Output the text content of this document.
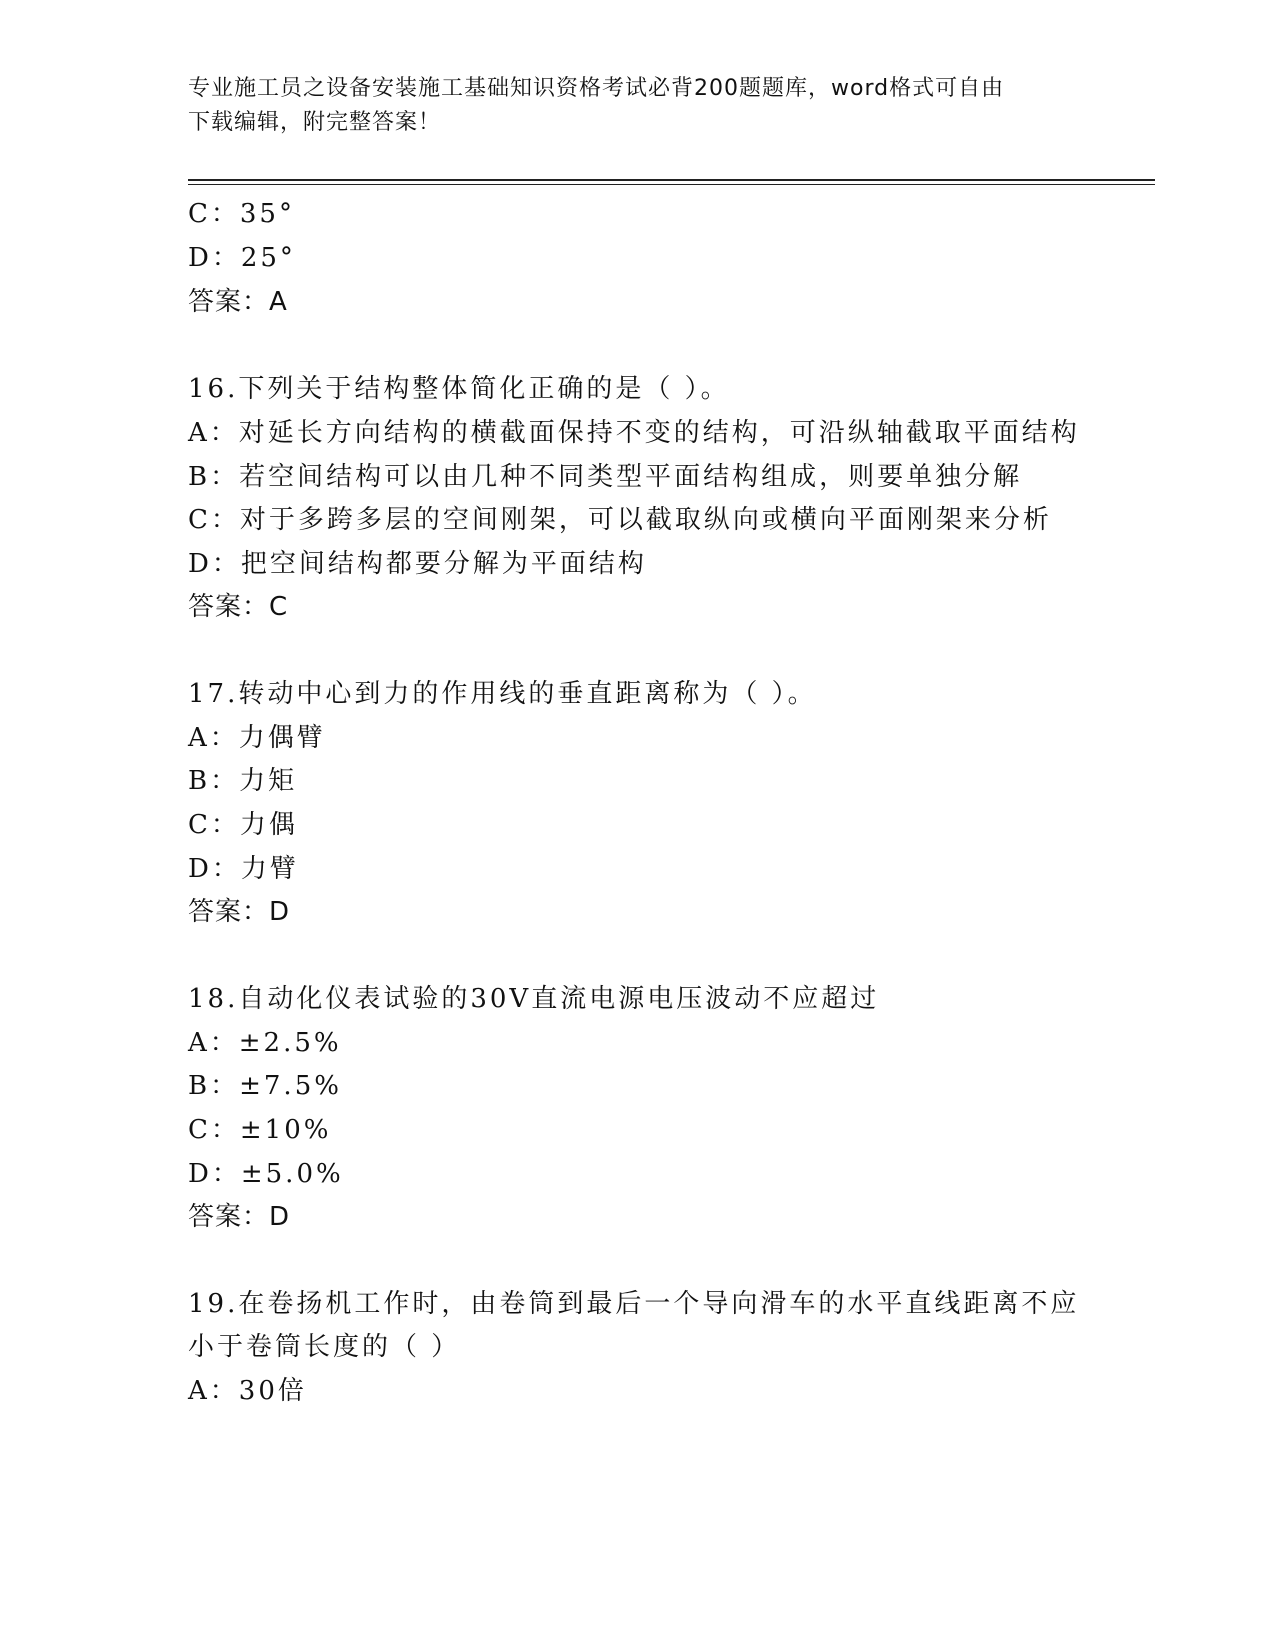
专业施工员之设备安装施工基础知识资格考试必背200题题库，word格式可自由
下载编辑，附完整答案！
C：35°
D：25°
答案：A
16.下列关于结构整体简化正确的是（ ）。
A：对延长方向结构的横截面保持不变的结构，可沿纵轴截取平面结构
B：若空间结构可以由几种不同类型平面结构组成，则要单独分解
C：对于多跨多层的空间刚架，可以截取纵向或横向平面刚架来分析
D：把空间结构都要分解为平面结构
答案：C
17.转动中心到力的作用线的垂直距离称为（ ）。
A：力偶臂
B：力矩
C：力偶
D：力臂
答案：D
18.自动化仪表试验的30V直流电源电压波动不应超过
A：±2.5%
B：±7.5%
C：±10%
D：±5.0%
答案：D
19.在卷扬机工作时，由卷筒到最后一个导向滑车的水平直线距离不应
小于卷筒长度的（ ）
A：30倍
